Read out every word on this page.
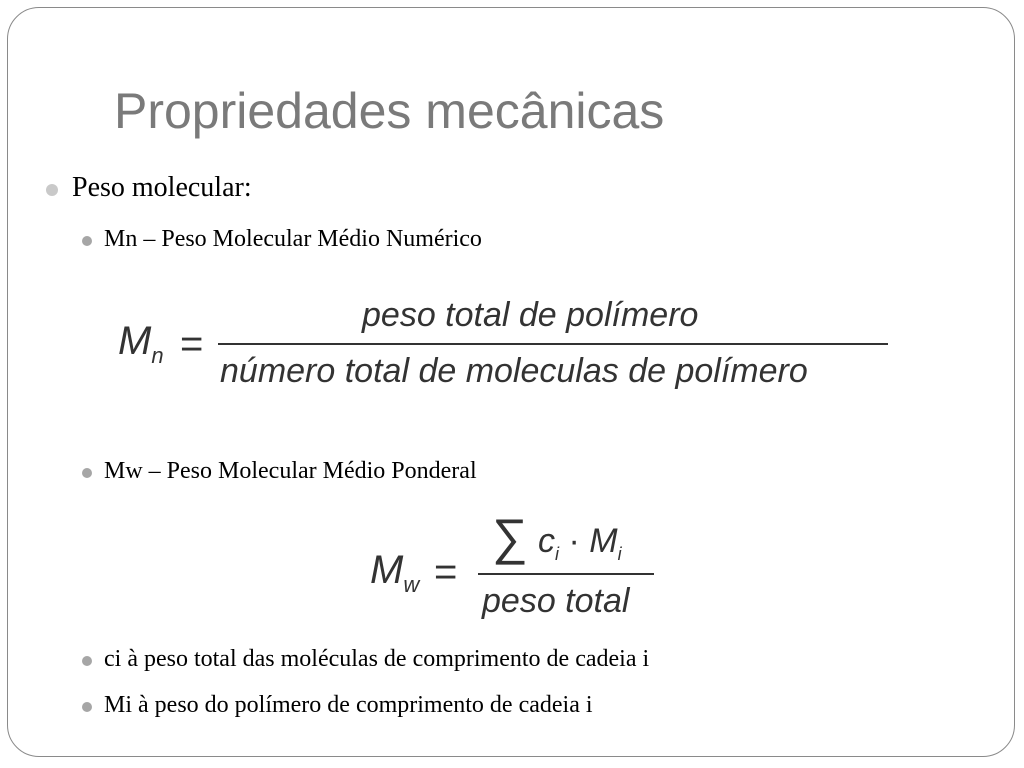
Propriedades mecânicas
Peso molecular:
Mn – Peso Molecular Médio Numérico
$M_n$ =
peso total de polímero
número total de moleculas de polímero
Mw – Peso Molecular Médio Ponderal
$M_w$ =
∑ $c_i \cdot M_i$
peso total
ci à peso total das moléculas de comprimento de cadeia i
Mi à peso do polímero de comprimento de cadeia i
